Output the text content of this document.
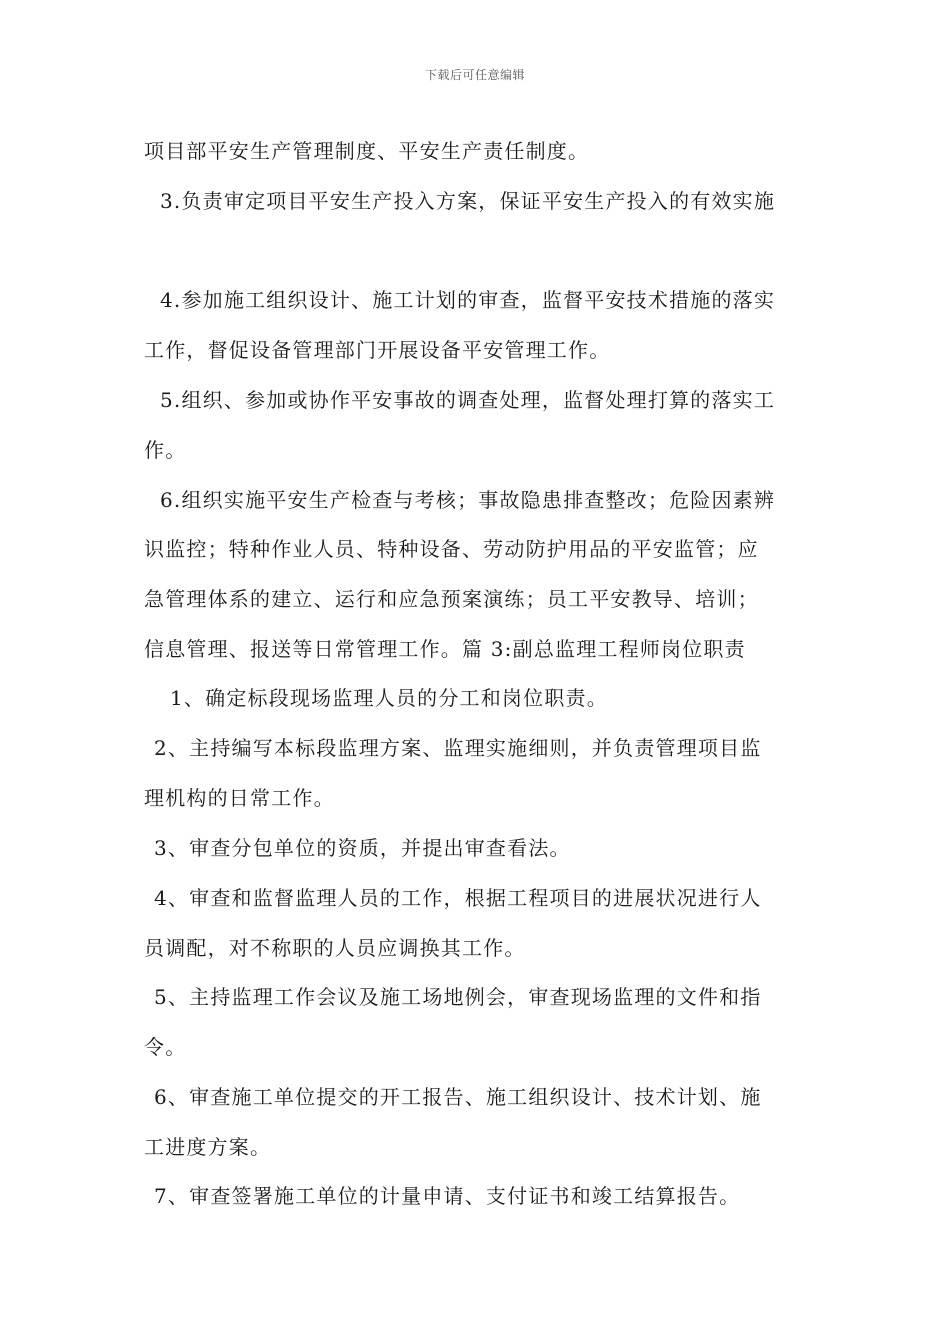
下载后可任意编辑
项目部平安生产管理制度、平安生产责任制度。
3.负责审定项目平安生产投入方案，保证平安生产投入的有效实施
4.参加施工组织设计、施工计划的审查，监督平安技术措施的落实
工作，督促设备管理部门开展设备平安管理工作。
5.组织、参加或协作平安事故的调查处理，监督处理打算的落实工
作。
6.组织实施平安生产检查与考核；事故隐患排查整改；危险因素辨
识监控；特种作业人员、特种设备、劳动防护用品的平安监管；应
急管理体系的建立、运行和应急预案演练；员工平安教导、培训；
信息管理、报送等日常管理工作。篇 3:副总监理工程师岗位职责
1、确定标段现场监理人员的分工和岗位职责。
2、主持编写本标段监理方案、监理实施细则，并负责管理项目监
理机构的日常工作。
3、审查分包单位的资质，并提出审查看法。
4、审查和监督监理人员的工作，根据工程项目的进展状况进行人
员调配，对不称职的人员应调换其工作。
5、主持监理工作会议及施工场地例会，审查现场监理的文件和指
令。
6、审查施工单位提交的开工报告、施工组织设计、技术计划、施
工进度方案。
7、审查签署施工单位的计量申请、支付证书和竣工结算报告。
